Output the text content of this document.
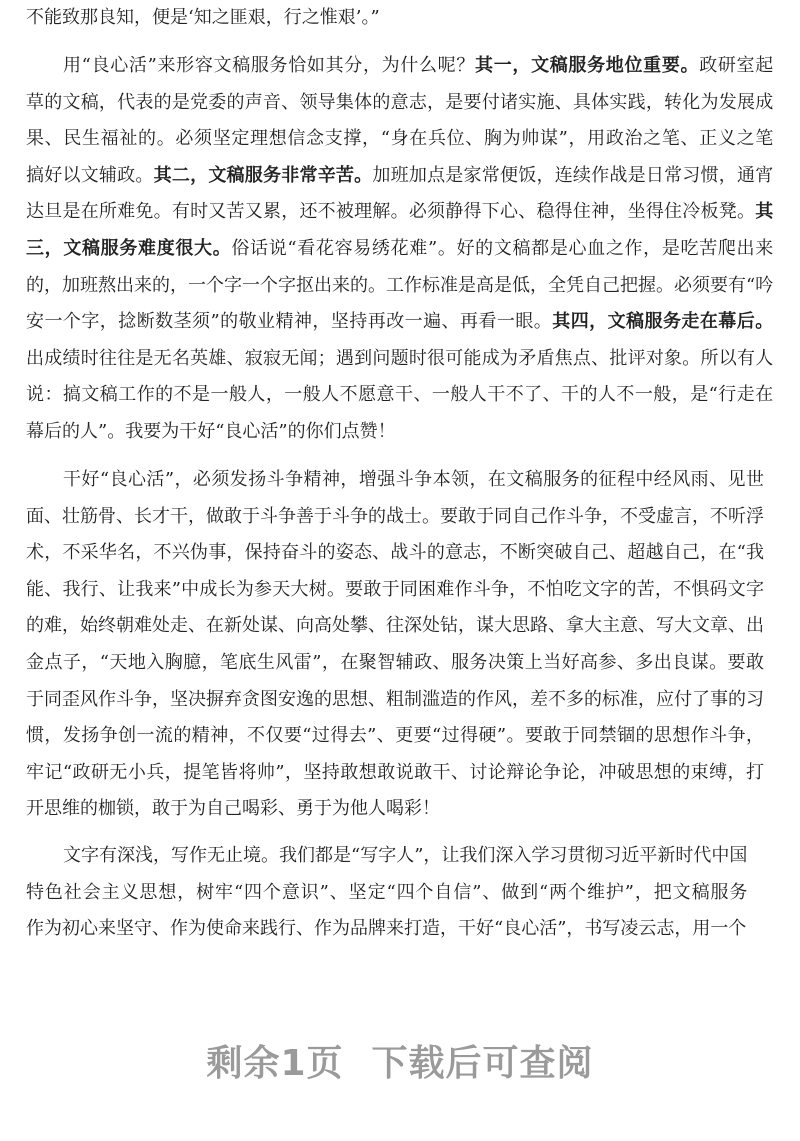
不能致那良知，便是‘知之匪艰，行之惟艰’。”
用“良心活”来形容文稿服务恰如其分，为什么呢？其一，文稿服务地位重要。政研室起
草的文稿，代表的是党委的声音、领导集体的意志，是要付诸实施、具体实践，转化为发展成
果、民生福祉的。必须坚定理想信念支撑，“身在兵位、胸为帅谋”，用政治之笔、正义之笔
搞好以文辅政。其二，文稿服务非常辛苦。加班加点是家常便饭，连续作战是日常习惯，通宵
达旦是在所难免。有时又苦又累，还不被理解。必须静得下心、稳得住神，坐得住冷板凳。其
三，文稿服务难度很大。俗话说“看花容易绣花难”。好的文稿都是心血之作，是吃苦爬出来
的，加班熬出来的，一个字一个字抠出来的。工作标准是高是低，全凭自己把握。必须要有“吟
安一个字，捻断数茎须”的敬业精神，坚持再改一遍、再看一眼。其四，文稿服务走在幕后。
出成绩时往往是无名英雄、寂寂无闻；遇到问题时很可能成为矛盾焦点、批评对象。所以有人
说：搞文稿工作的不是一般人，一般人不愿意干、一般人干不了、干的人不一般，是“行走在
幕后的人”。我要为干好“良心活”的你们点赞！
干好“良心活”，必须发扬斗争精神，增强斗争本领，在文稿服务的征程中经风雨、见世
面、壮筋骨、长才干，做敢于斗争善于斗争的战士。要敢于同自己作斗争，不受虚言，不听浮
术，不采华名，不兴伪事，保持奋斗的姿态、战斗的意志，不断突破自己、超越自己，在“我
能、我行、让我来”中成长为参天大树。要敢于同困难作斗争，不怕吃文字的苦，不惧码文字
的难，始终朝难处走、在新处谋、向高处攀、往深处钻，谋大思路、拿大主意、写大文章、出
金点子，“天地入胸臆，笔底生风雷”，在聚智辅政、服务决策上当好高参、多出良谋。要敢
于同歪风作斗争，坚决摒弃贪图安逸的思想、粗制滥造的作风，差不多的标准，应付了事的习
惯，发扬争创一流的精神，不仅要“过得去”、更要“过得硬”。要敢于同禁锢的思想作斗争，
牢记“政研无小兵，提笔皆将帅”，坚持敢想敢说敢干、讨论辩论争论，冲破思想的束缚，打
开思维的枷锁，敢于为自己喝彩、勇于为他人喝彩！
文字有深浅，写作无止境。我们都是“写字人”，让我们深入学习贯彻习近平新时代中国
特色社会主义思想，树牢“四个意识”、坚定“四个自信”、做到“两个维护”，把文稿服务
作为初心来坚守、作为使命来践行、作为品牌来打造，干好“良心活”，书写凌云志，用一个
剩余1页 下载后可查阅
